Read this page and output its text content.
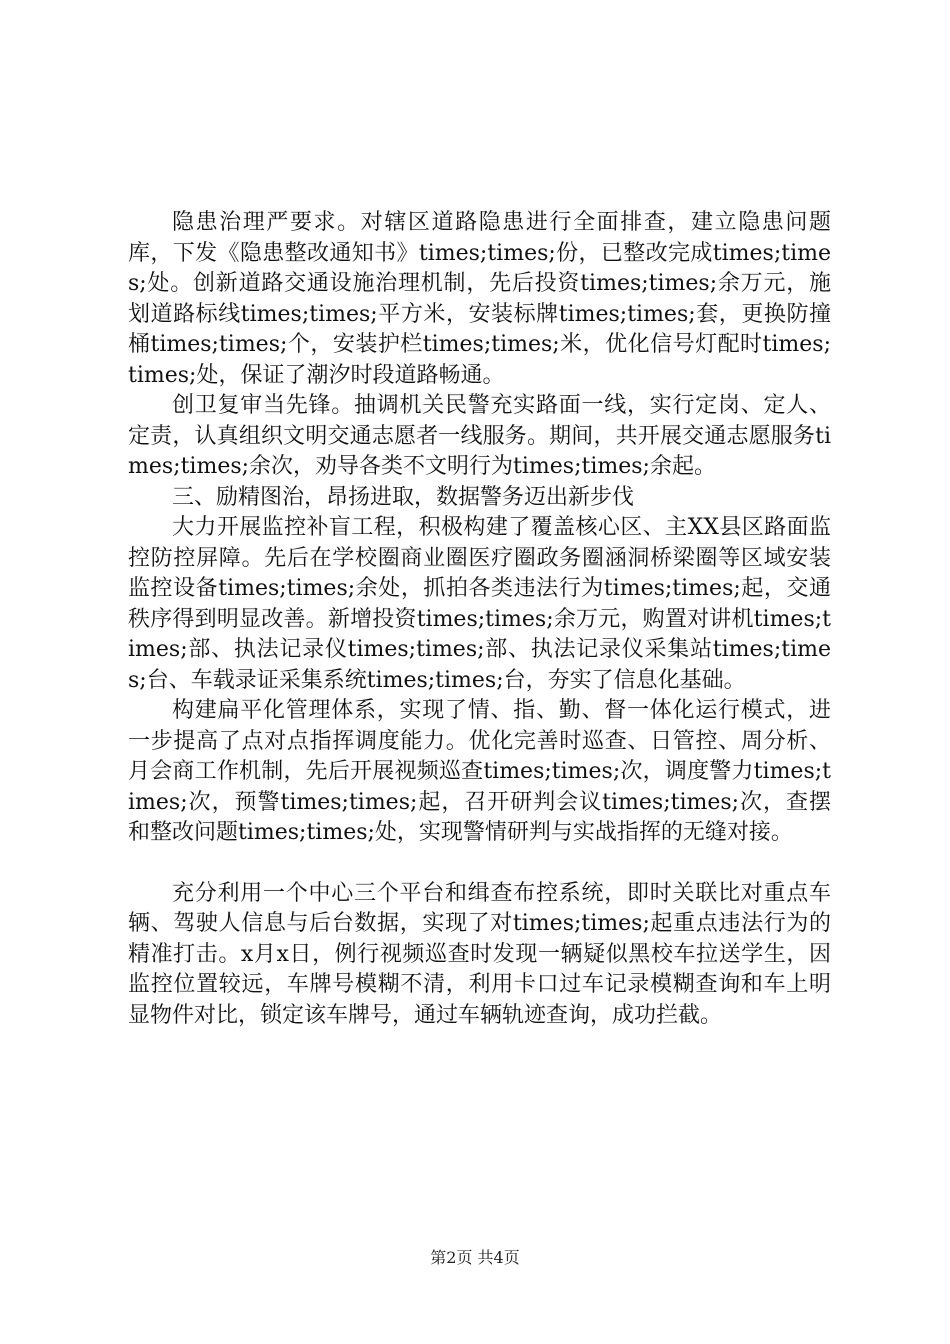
隐患治理严要求。对辖区道路隐患进行全面排查，建立隐患问题库，下发《隐患整改通知书》times;times;份，已整改完成times;times;处。创新道路交通设施治理机制，先后投资times;times;余万元，施划道路标线times;times;平方米，安装标牌times;times;套，更换防撞桶times;times;个，安装护栏times;times;米，优化信号灯配时times;times;处，保证了潮汐时段道路畅通。

创卫复审当先锋。抽调机关民警充实路面一线，实行定岗、定人、定责，认真组织文明交通志愿者一线服务。期间，共开展交通志愿服务times;times;余次，劝导各类不文明行为times;times;余起。

三、励精图治，昂扬进取，数据警务迈出新步伐

大力开展监控补盲工程，积极构建了覆盖核心区、主XX县区路面监控防控屏障。先后在学校圈商业圈医疗圈政务圈涵洞桥梁圈等区域安装监控设备times;times;余处，抓拍各类违法行为times;times;起，交通秩序得到明显改善。新增投资times;times;余万元，购置对讲机times;times;部、执法记录仪times;times;部、执法记录仪采集站times;times;台、车载录证采集系统times;times;台，夯实了信息化基础。

构建扁平化管理体系，实现了情、指、勤、督一体化运行模式，进一步提高了点对点指挥调度能力。优化完善时巡查、日管控、周分析、月会商工作机制，先后开展视频巡查times;times;次，调度警力times;times;次，预警times;times;起，召开研判会议times;times;次，查摆和整改问题times;times;处，实现警情研判与实战指挥的无缝对接。

充分利用一个中心三个平台和缉查布控系统，即时关联比对重点车辆、驾驶人信息与后台数据，实现了对times;times;起重点违法行为的精准打击。x月x日，例行视频巡查时发现一辆疑似黑校车拉送学生，因监控位置较远，车牌号模糊不清，利用卡口过车记录模糊查询和车上明显物件对比，锁定该车牌号，通过车辆轨迹查询，成功拦截。

第2页 共4页
